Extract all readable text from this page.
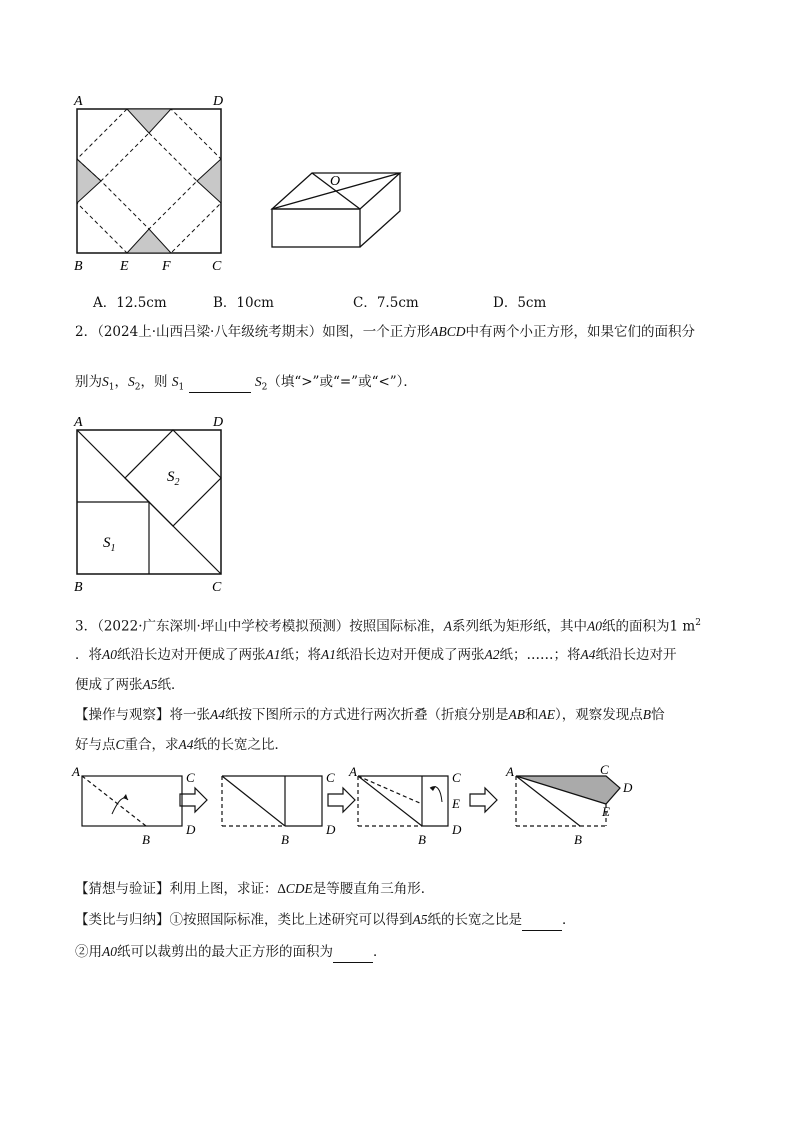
A	D
B	E F	C
O
A．12.5cm	B．10cm	C．7.5cm	D．5cm
2．（2024上·山西吕梁·八年级统考期末）如图，一个正方形ABCD中有两个小正方形，如果它们的面积分
别为$S_1$，$S_2$，则 $S_1$	$S_2$（填“>”或“=”或“<”）．
A	D
B	C
$S_1$
$S_2$
3．（2022·广东深圳·坪山中学校考模拟预测）按照国际标准，A系列纸为矩形纸，其中A0纸的面积为1 $m^2$
．将A0纸沿长边对开便成了两张A1纸；将A1纸沿长边对开便成了两张A2纸；……；将A4纸沿长边对开
便成了两张A5纸．
【操作与观察】将一张A4纸按下图所示的方式进行两次折叠（折痕分别是AB和AE），观察发现点B恰
好与点C重合，求A4纸的长宽之比．
A	C
B
D
C
B
D
A	C
E
B
D
A	C
D
E
B
【猜想与验证】利用上图，求证：∆CDE是等腰直角三角形．
【类比与归纳】①按照国际标准，类比上述研究可以得到A5纸的长宽之比是	．
②用A0纸可以裁剪出的最大正方形的面积为	．
